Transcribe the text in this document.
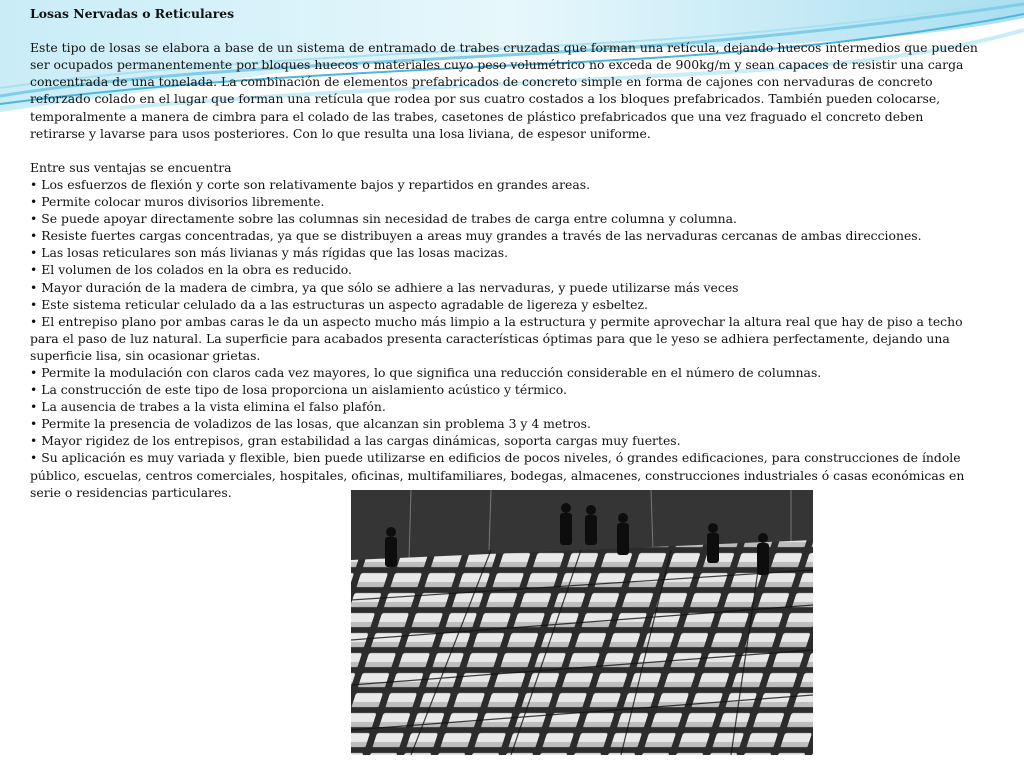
Losas Nervadas o Reticulares

Este tipo de losas se elabora a base de un sistema de entramado de trabes cruzadas que forman una retícula, dejando huecos intermedios que pueden ser ocupados permanentemente por bloques huecos o materiales cuyo peso volumétrico no exceda de 900kg/m y sean capaces de resistir una carga concentrada de una tonelada. La combinación de elementos prefabricados de concreto simple en forma de cajones con nervaduras de concreto reforzado colado en el lugar que forman una retícula que rodea por sus cuatro costados a los bloques prefabricados. También pueden colocarse, temporalmente a manera de cimbra para el colado de las trabes, casetones de plástico prefabricados que una vez fraguado el concreto deben retirarse y lavarse para usos posteriores. Con lo que resulta una losa liviana, de espesor uniforme.

Entre sus ventajas se encuentra

• Los esfuerzos de flexión y corte son relativamente bajos y repartidos en grandes areas.
• Permite colocar muros divisorios libremente.
• Se puede apoyar directamente sobre las columnas sin necesidad de trabes de carga entre columna y columna.
• Resiste fuertes cargas concentradas, ya que se distribuyen a areas muy grandes a través de las nervaduras cercanas de ambas direcciones.
• Las losas reticulares son más livianas y más rígidas que las losas macizas.
• El volumen de los colados en la obra es reducido.
• Mayor duración de la madera de cimbra, ya que sólo se adhiere a las nervaduras, y puede utilizarse más veces
• Este sistema reticular celulado da a las estructuras un aspecto agradable de ligereza y esbeltez.
• El entrepiso plano por ambas caras le da un aspecto mucho más limpio a la estructura y permite aprovechar la altura real que hay de piso a techo para el paso de luz natural. La superficie para acabados presenta características óptimas para que le yeso se adhiera perfectamente, dejando una superficie lisa, sin ocasionar grietas.
• Permite la modulación con claros cada vez mayores, lo que significa una reducción considerable en el número de columnas.
• La construcción de este tipo de losa proporciona un aislamiento acústico y térmico.
• La ausencia de trabes a la vista elimina el falso plafón.
• Permite la presencia de voladizos de las losas, que alcanzan sin problema 3 y 4 metros.
• Mayor rigidez de los entrepisos, gran estabilidad a las cargas dinámicas, soporta cargas muy fuertes.
• Su aplicación es muy variada y flexible, bien puede utilizarse en edificios de pocos niveles, ó grandes edificaciones, para construcciones de índole público, escuelas, centros comerciales, hospitales, oficinas, multifamiliares, bodegas, almacenes, construcciones industriales ó casas económicas en serie o residencias particulares.
